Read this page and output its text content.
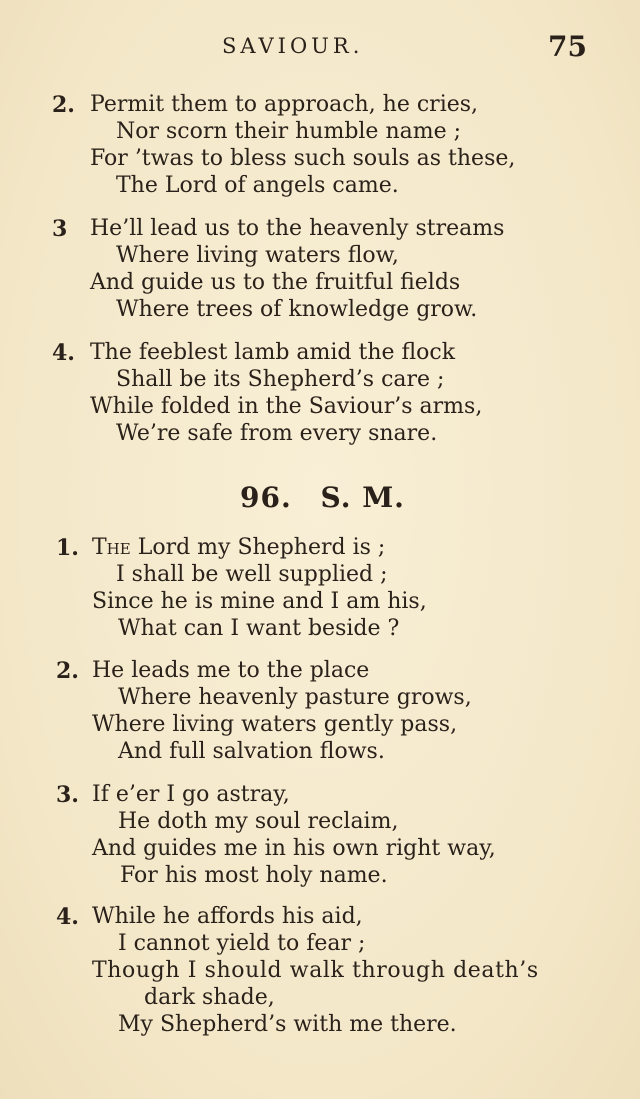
SAVIOUR.	75
2. Permit them to approach, he cries,
Nor scorn their humble name ;
For ’twas to bless such souls as these,
The Lord of angels came.
3 He’ll lead us to the heavenly streams
Where living waters flow,
And guide us to the fruitful fields
Where trees of knowledge grow.
4. The feeblest lamb amid the flock
Shall be its Shepherd’s care ;
While folded in the Saviour’s arms,
We’re safe from every snare.
96. S. M.
1. The Lord my Shepherd is ;
I shall be well supplied ;
Since he is mine and I am his,
What can I want beside ?
2. He leads me to the place
Where heavenly pasture grows,
Where living waters gently pass,
And full salvation flows.
3. If e’er I go astray,
He doth my soul reclaim,
And guides me in his own right way,
For his most holy name.
4. While he affords his aid,
I cannot yield to fear ;
Though I should walk through death’s
dark shade,
My Shepherd’s with me there.
